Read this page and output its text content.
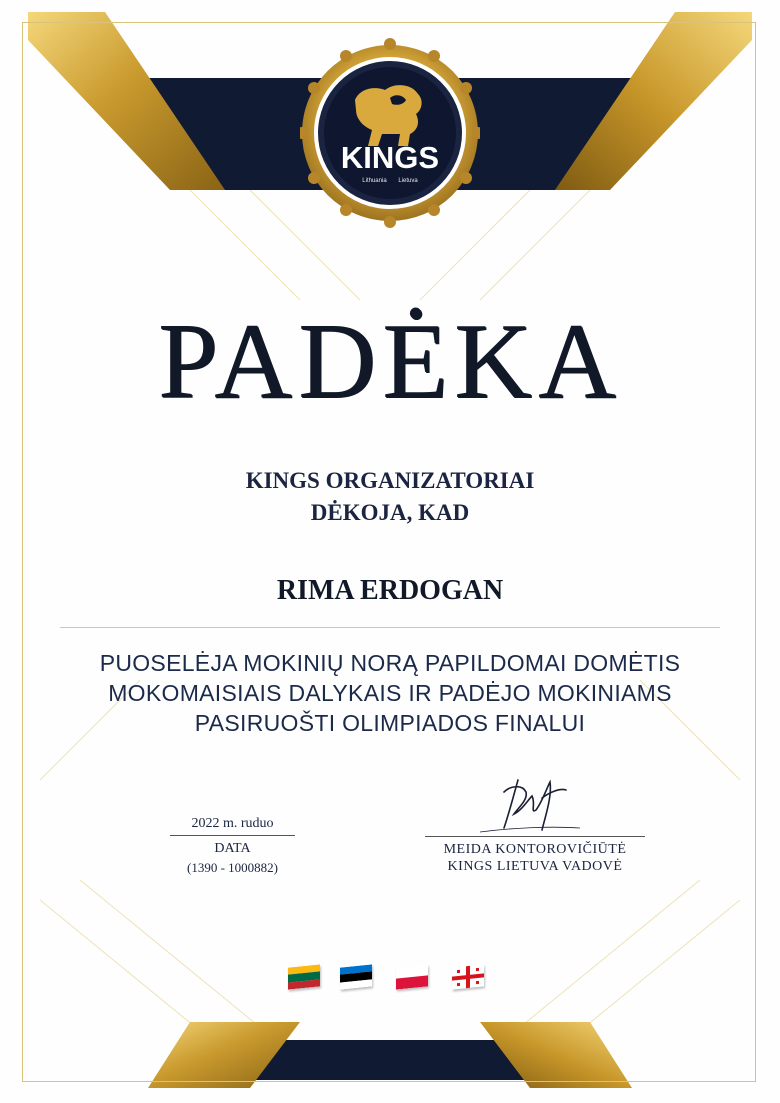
KINGS
Lithuania Lietuva
PADĖKA
KINGS ORGANIZATORIAI
DĖKOJA, KAD
RIMA ERDOGAN
PUOSELĖJA MOKINIŲ NORĄ PAPILDOMAI DOMĖTIS
MOKOMAISIAIS DALYKAIS IR PADĖJO MOKINIAMS
PASIRUOŠTI OLIMPIADOS FINALUI
2022 m. ruduo
DATA
(1390 - 1000882)
MEIDA KONTOROVIČIŪTĖ
KINGS LIETUVA VADOVĖ
